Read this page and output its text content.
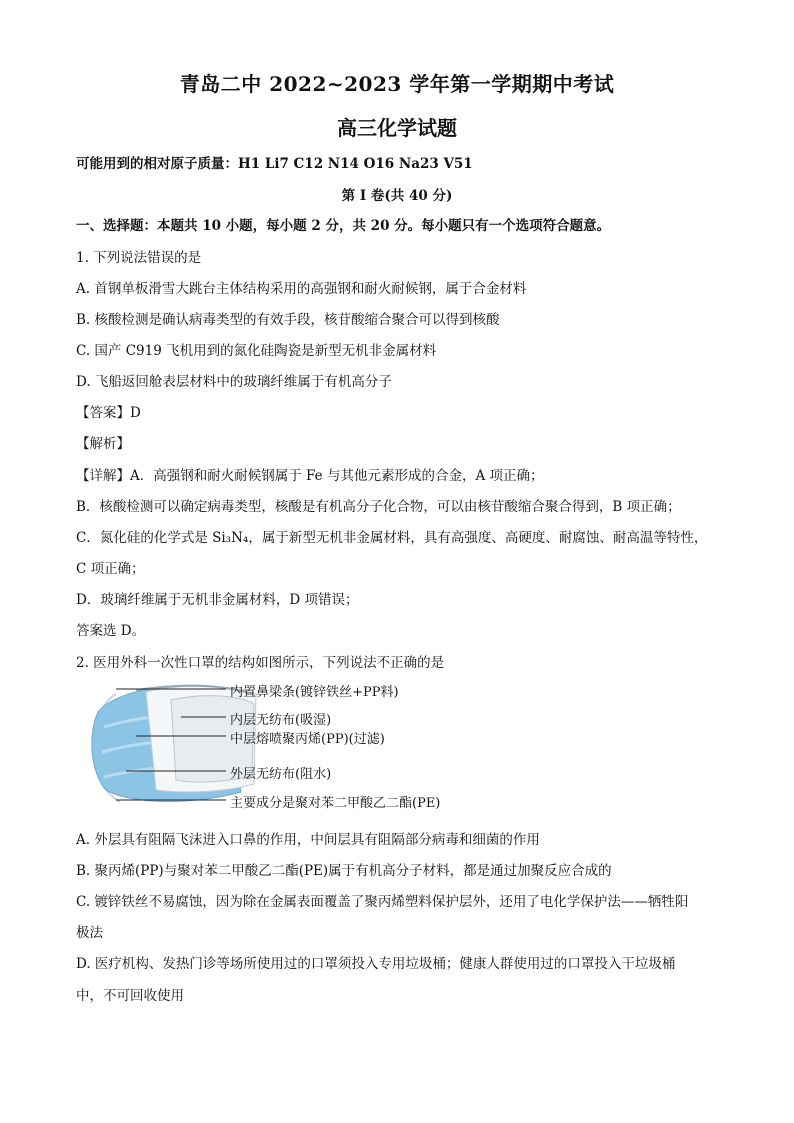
青岛二中 2022~2023 学年第一学期期中考试
高三化学试题
可能用到的相对原子质量：H1 Li7 C12 N14 O16 Na23 V51
第 I 卷(共 40 分)
一、选择题：本题共 10 小题，每小题 2 分，共 20 分。每小题只有一个选项符合题意。
1. 下列说法错误的是
A. 首钢单板滑雪大跳台主体结构采用的高强钢和耐火耐候钢，属于合金材料
B. 核酸检测是确认病毒类型的有效手段，核苷酸缩合聚合可以得到核酸
C. 国产 C919 飞机用到的氮化硅陶瓷是新型无机非金属材料
D. 飞船返回舱表层材料中的玻璃纤维属于有机高分子
【答案】D
【解析】
【详解】A．高强钢和耐火耐候钢属于 Fe 与其他元素形成的合金，A 项正确；
B．核酸检测可以确定病毒类型，核酸是有机高分子化合物，可以由核苷酸缩合聚合得到，B 项正确；
C．氮化硅的化学式是 Si₃N₄，属于新型无机非金属材料，具有高强度、高硬度、耐腐蚀、耐高温等特性，
C 项正确；
D．玻璃纤维属于无机非金属材料，D 项错误；
答案选 D。
2. 医用外科一次性口罩的结构如图所示，下列说法不正确的是
内置鼻梁条(镀锌铁丝+PP料)
内层无纺布(吸湿)
中层熔喷聚丙烯(PP)(过滤)
外层无纺布(阻水)
主要成分是聚对苯二甲酸乙二酯(PE)
A. 外层具有阻隔飞沫进入口鼻的作用，中间层具有阻隔部分病毒和细菌的作用
B. 聚丙烯(PP)与聚对苯二甲酸乙二酯(PE)属于有机高分子材料，都是通过加聚反应合成的
C. 镀锌铁丝不易腐蚀，因为除在金属表面覆盖了聚丙烯塑料保护层外，还用了电化学保护法——牺牲阳
极法
D. 医疗机构、发热门诊等场所使用过的口罩须投入专用垃圾桶；健康人群使用过的口罩投入干垃圾桶
中，不可回收使用
